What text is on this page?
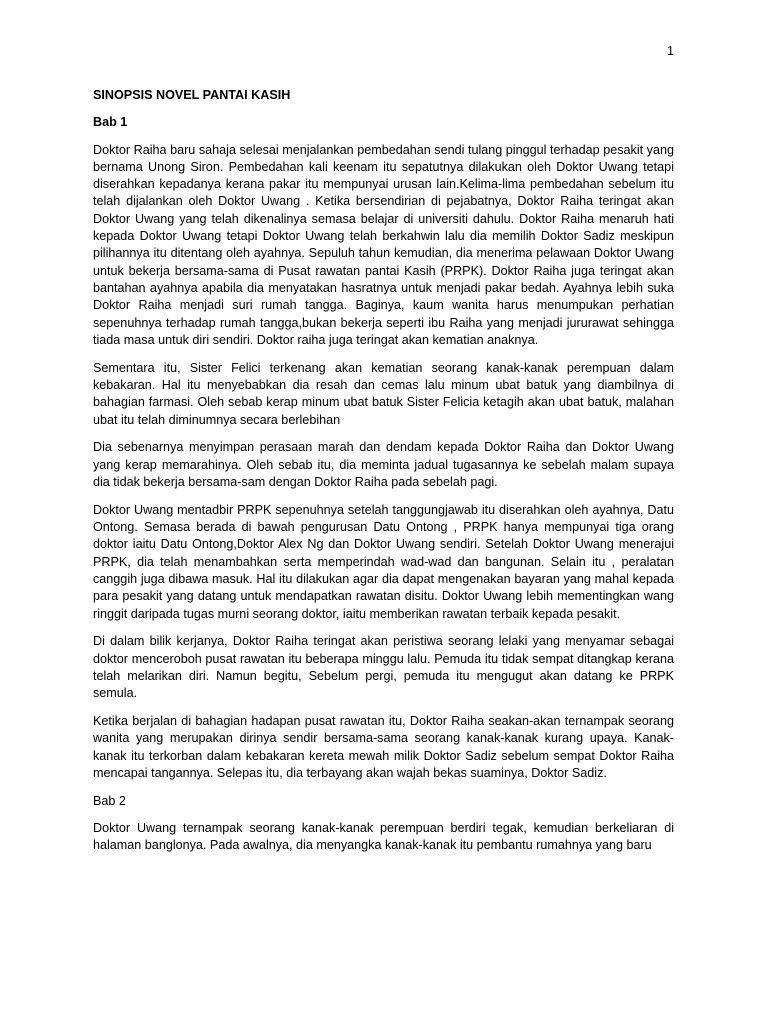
1
SINOPSIS NOVEL PANTAI KASIH
Bab 1

Doktor Raiha baru sahaja selesai menjalankan pembedahan sendi tulang pinggul terhadap pesakit yang bernama Unong Siron. Pembedahan kali keenam itu sepatutnya dilakukan oleh Doktor Uwang tetapi diserahkan kepadanya kerana pakar itu mempunyai urusan lain.Kelima-lima pembedahan sebelum itu telah dijalankan oleh Doktor Uwang . Ketika bersendirian di pejabatnya, Doktor Raiha teringat akan Doktor Uwang yang telah dikenalinya semasa belajar di universiti dahulu. Doktor Raiha menaruh hati kepada Doktor Uwang tetapi Doktor Uwang telah berkahwin lalu dia memilih Doktor Sadiz meskipun pilihannya itu ditentang oleh ayahnya. Sepuluh tahun kemudian, dia menerima pelawaan Doktor Uwang untuk bekerja bersama-sama di Pusat rawatan pantai Kasih (PRPK). Doktor Raiha juga teringat akan bantahan ayahnya apabila dia menyatakan hasratnya untuk menjadi pakar bedah. Ayahnya lebih suka Doktor Raiha menjadi suri rumah tangga. Baginya, kaum wanita harus menumpukan perhatian sepenuhnya terhadap rumah tangga,bukan bekerja seperti ibu Raiha yang menjadi jururawat sehingga tiada masa untuk diri sendiri. Doktor raiha juga teringat akan kematian anaknya.

Sementara itu, Sister Felici terkenang akan kematian seorang kanak-kanak perempuan dalam kebakaran. Hal itu menyebabkan dia resah dan cemas lalu minum ubat batuk yang diambilnya di bahagian farmasi. Oleh sebab kerap minum ubat batuk Sister Felicia ketagih akan ubat batuk, malahan ubat itu telah diminumnya secara berlebihan

Dia sebenarnya menyimpan perasaan marah dan dendam kepada Doktor Raiha dan Doktor Uwang yang kerap memarahinya. Oleh sebab itu, dia meminta jadual tugasannya ke sebelah malam supaya dia tidak bekerja bersama-sam dengan Doktor Raiha pada sebelah pagi.

Doktor Uwang mentadbir PRPK sepenuhnya setelah tanggungjawab itu diserahkan oleh ayahnya, Datu Ontong. Semasa berada di bawah pengurusan Datu Ontong , PRPK hanya mempunyai tiga orang doktor iaitu Datu Ontong,Doktor Alex Ng dan Doktor Uwang sendiri. Setelah Doktor Uwang menerajui PRPK, dia telah menambahkan serta memperindah wad-wad dan bangunan. Selain itu , peralatan canggih juga dibawa masuk. Hal itu dilakukan agar dia dapat mengenakan bayaran yang mahal kepada para pesakit yang datang untuk mendapatkan rawatan disitu. Doktor Uwang lebih mementingkan wang ringgit daripada tugas murni seorang doktor, iaitu memberikan rawatan terbaik kepada pesakit.

Di dalam bilik kerjanya, Doktor Raiha teringat akan peristiwa seorang lelaki yang menyamar sebagai doktor menceroboh pusat rawatan itu beberapa minggu lalu. Pemuda itu tidak sempat ditangkap kerana telah melarikan diri. Namun begitu, Sebelum pergi, pemuda itu mengugut akan datang ke PRPK semula.

Ketika berjalan di bahagian hadapan pusat rawatan itu, Doktor Raiha seakan-akan ternampak seorang wanita yang merupakan dirinya sendir bersama-sama seorang kanak-kanak kurang upaya. Kanak-kanak itu terkorban dalam kebakaran kereta mewah milik Doktor Sadiz sebelum sempat Doktor Raiha mencapai tangannya. Selepas itu, dia terbayang akan wajah bekas suaminya, Doktor Sadiz.

Bab 2

Doktor Uwang ternampak seorang kanak-kanak perempuan berdiri tegak, kemudian berkeliaran di halaman banglonya. Pada awalnya, dia menyangka kanak-kanak itu pembantu rumahnya yang baru
